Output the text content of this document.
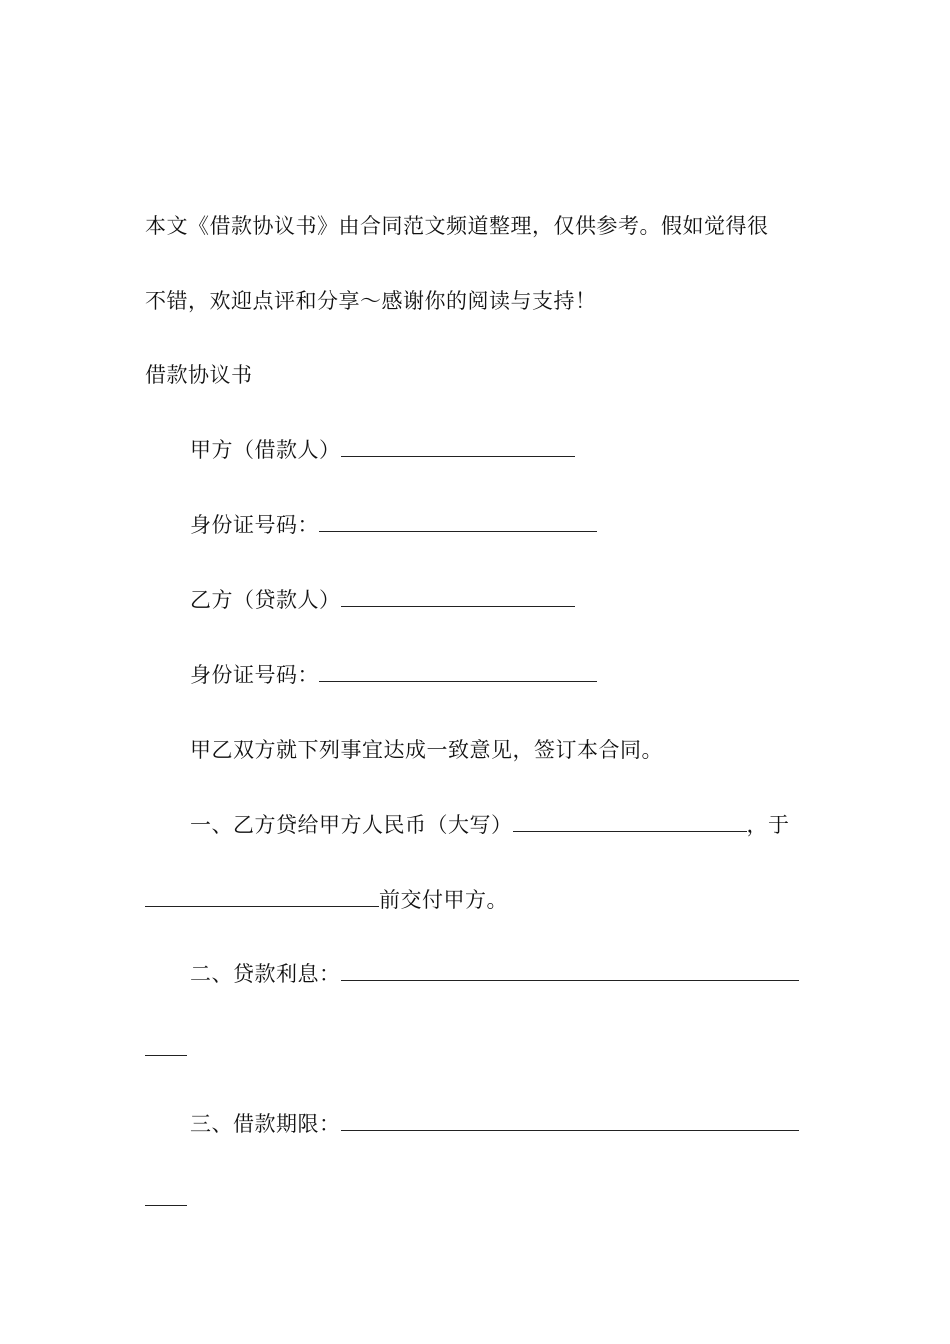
本文《借款协议书》由合同范文频道整理，仅供参考。假如觉得很
不错，欢迎点评和分享～感谢你的阅读与支持！
借款协议书
甲方（借款人）
身份证号码：
乙方（贷款人）
身份证号码：
甲乙双方就下列事宜达成一致意见，签订本合同。
一、乙方贷给甲方人民币（大写）	，于
前交付甲方。
二、贷款利息：
三、借款期限：
